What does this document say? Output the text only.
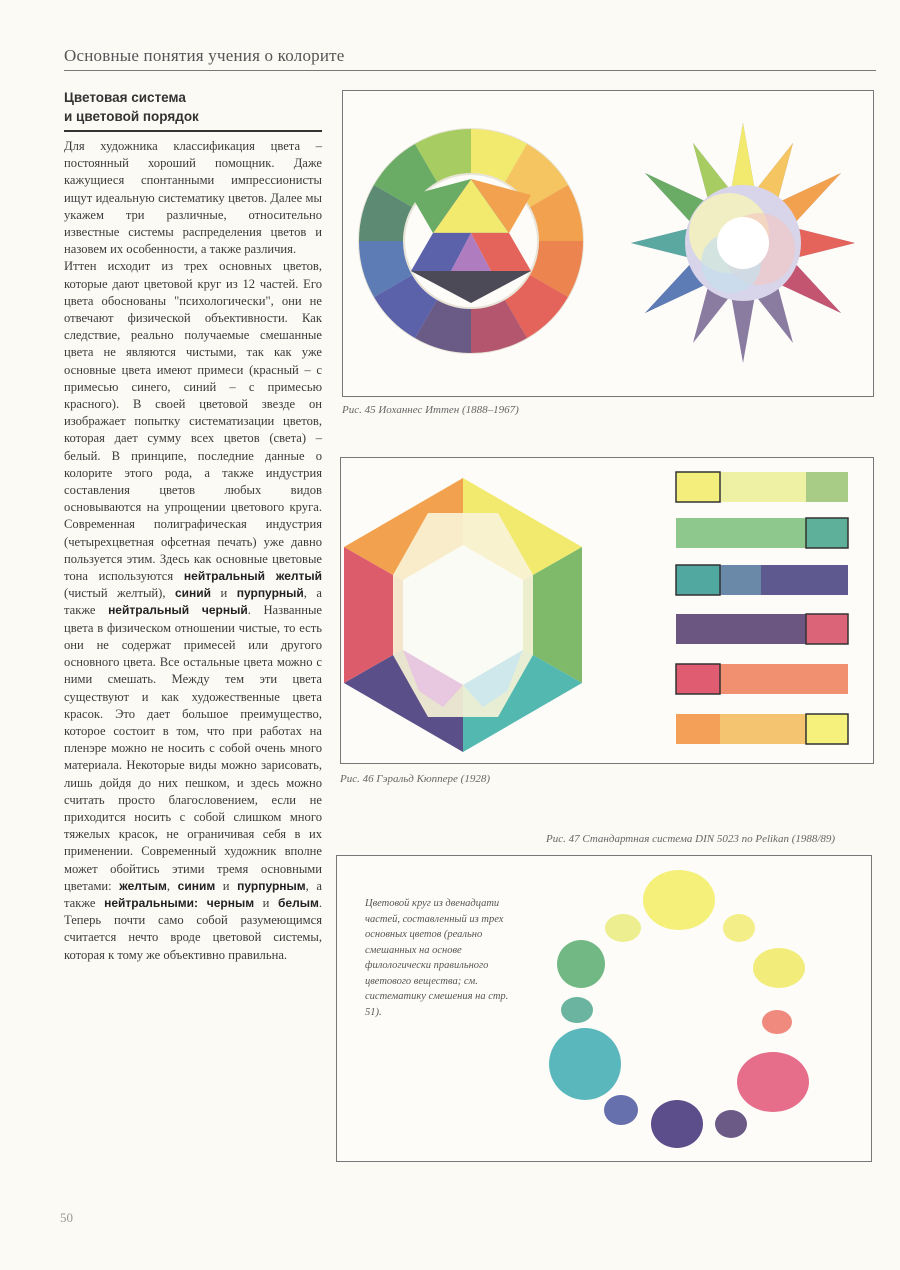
Основные понятия учения о колорите
Цветовая система
и цветовой порядок

Для художника классификация цвета – постоянный хороший помощник. Даже кажущиеся спонтанными импрессионисты ищут идеальную систематику цветов. Далее мы укажем три различные, относительно известные системы распределения цветов и назовем их особенности, а также различия.

Иттен исходит из трех основных цветов, которые дают цветовой круг из 12 частей. Его цвета обоснованы "психологически", они не отвечают физической объективности. Как следствие, реально получаемые смешанные цвета не являются чистыми, так как уже основные цвета имеют примеси (красный – с примесью синего, синий – с примесью красного). В своей цветовой звезде он изображает попытку систематизации цветов, которая дает сумму всех цветов (света) – белый. В принципе, последние данные о колорите этого рода, а также индустрия составления цветов любых видов основываются на упрощении цветового круга. Современная полиграфическая индустрия (четырехцветная офсетная печать) уже давно пользуется этим. Здесь как основные цветовые тона используются нейтральный желтый (чистый желтый), синий и пурпурный, а также нейтральный черный. Названные цвета в физическом отношении чистые, то есть они не содержат примесей или другого основного цвета. Все остальные цвета можно с ними смешать. Между тем эти цвета существуют и как художественные цвета красок. Это дает большое преимущество, которое состоит в том, что при работах на пленэре можно не носить с собой очень много материала. Некоторые виды можно зарисовать, лишь дойдя до них пешком, и здесь можно считать просто благословением, если не приходится носить с собой слишком много тяжелых красок, не ограничивая себя в их применении. Современный художник вполне может обойтись этими тремя основными цветами: желтым, синим и пурпурным, а также нейтральными: черным и белым. Теперь почти само собой разумеющимся считается нечто вроде цветовой системы, которая к тому же объективно правильна.

Рис. 45 Иоханнес Иттен (1888–1967)
Рис. 46 Гэральд Кюппере (1928)
Рис. 47 Стандартная система DIN 5023 по Pelikan (1988/89)
Цветовой круг из двенадцати частей, составленный из трех основных цветов (реально смешанных на основе филологически правильного цветового вещества; см. систематику смешения на стр. 51).
50
